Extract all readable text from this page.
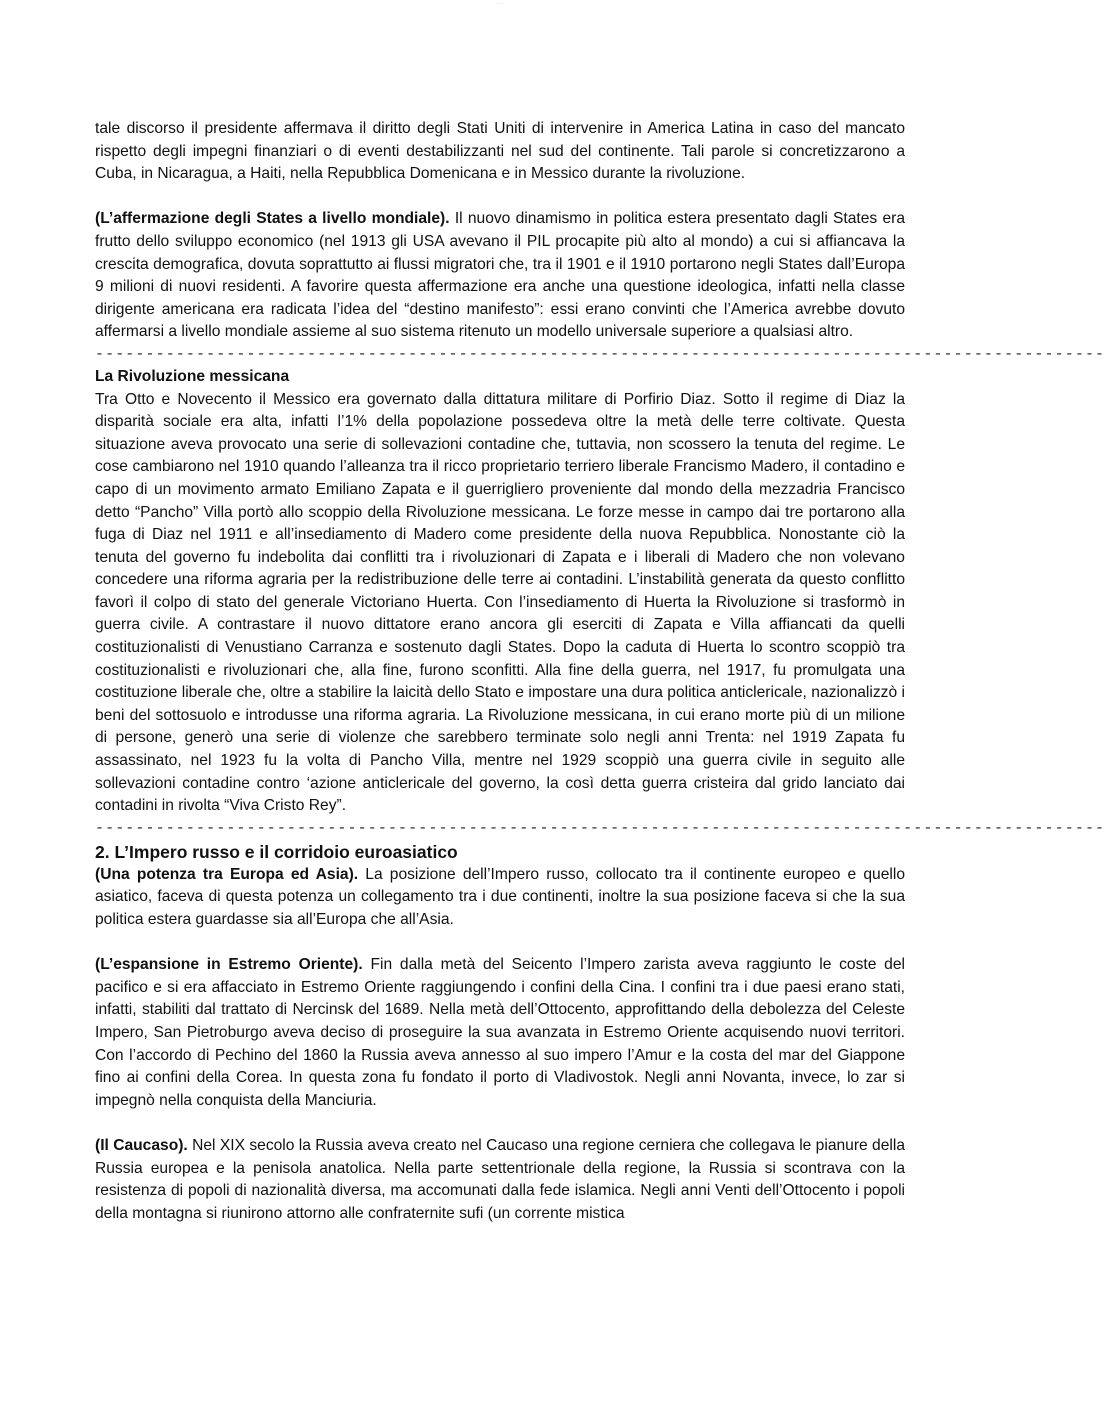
· · · ·

tale discorso il presidente affermava il diritto degli Stati Uniti di intervenire in America Latina in caso del mancato rispetto degli impegni finanziari o di eventi destabilizzanti nel sud del continente. Tali parole si concretizzarono a Cuba, in Nicaragua, a Haiti, nella Repubblica Domenicana e in Messico durante la rivoluzione.

(L’affermazione degli States a livello mondiale). Il nuovo dinamismo in politica estera presentato dagli States era frutto dello sviluppo economico (nel 1913 gli USA avevano il PIL procapite più alto al mondo) a cui si affiancava la crescita demografica, dovuta soprattutto ai flussi migratori che, tra il 1901 e il 1910 portarono negli States dall’Europa 9 milioni di nuovi residenti. A favorire questa affermazione era anche una questione ideologica, infatti nella classe dirigente americana era radicata l’idea del “destino manifesto”: essi erano convinti che l’America avrebbe dovuto affermarsi a livello mondiale assieme al suo sistema ritenuto un modello universale superiore a qualsiasi altro.

----------------------------------------------------------------------------------------------------

La Rivoluzione messicana

Tra Otto e Novecento il Messico era governato dalla dittatura militare di Porfirio Diaz. Sotto il regime di Diaz la disparità sociale era alta, infatti l’1% della popolazione possedeva oltre la metà delle terre coltivate. Questa situazione aveva provocato una serie di sollevazioni contadine che, tuttavia, non scossero la tenuta del regime. Le cose cambiarono nel 1910 quando l’alleanza tra il ricco proprietario terriero liberale Francismo Madero, il contadino e capo di un movimento armato Emiliano Zapata e il guerrigliero proveniente dal mondo della mezzadria Francisco detto “Pancho” Villa portò allo scoppio della Rivoluzione messicana. Le forze messe in campo dai tre portarono alla fuga di Diaz nel 1911 e all’insediamento di Madero come presidente della nuova Repubblica. Nonostante ciò la tenuta del governo fu indebolita dai conflitti tra i rivoluzionari di Zapata e i liberali di Madero che non volevano concedere una riforma agraria per la redistribuzione delle terre ai contadini. L’instabilità generata da questo conflitto favorì il colpo di stato del generale Victoriano Huerta. Con l’insediamento di Huerta la Rivoluzione si trasformò in guerra civile. A contrastare il nuovo dittatore erano ancora gli eserciti di Zapata e Villa affiancati da quelli costituzionalisti di Venustiano Carranza e sostenuto dagli States. Dopo la caduta di Huerta lo scontro scoppiò tra costituzionalisti e rivoluzionari che, alla fine, furono sconfitti. Alla fine della guerra, nel 1917, fu promulgata una costituzione liberale che, oltre a stabilire la laicità dello Stato e impostare una dura politica anticlericale, nazionalizzò i beni del sottosuolo e introdusse una riforma agraria. La Rivoluzione messicana, in cui erano morte più di un milione di persone, generò una serie di violenze che sarebbero terminate solo negli anni Trenta: nel 1919 Zapata fu assassinato, nel 1923 fu la volta di Pancho Villa, mentre nel 1929 scoppiò una guerra civile in seguito alle sollevazioni contadine contro ‘azione anticlericale del governo, la così detta guerra cristeira dal grido lanciato dai contadini in rivolta “Viva Cristo Rey”.

----------------------------------------------------------------------------------------------------

2. L’Impero russo e il corridoio euroasiatico

(Una potenza tra Europa ed Asia). La posizione dell’Impero russo, collocato tra il continente europeo e quello asiatico, faceva di questa potenza un collegamento tra i due continenti, inoltre la sua posizione faceva si che la sua politica estera guardasse sia all’Europa che all’Asia.

(L’espansione in Estremo Oriente). Fin dalla metà del Seicento l’Impero zarista aveva raggiunto le coste del pacifico e si era affacciato in Estremo Oriente raggiungendo i confini della Cina. I confini tra i due paesi erano stati, infatti, stabiliti dal trattato di Nercinsk del 1689. Nella metà dell’Ottocento, approfittando della debolezza del Celeste Impero, San Pietroburgo aveva deciso di proseguire la sua avanzata in Estremo Oriente acquisendo nuovi territori. Con l’accordo di Pechino del 1860 la Russia aveva annesso al suo impero l’Amur e la costa del mar del Giappone fino ai confini della Corea. In questa zona fu fondato il porto di Vladivostok. Negli anni Novanta, invece, lo zar si impegnò nella conquista della Manciuria.

(Il Caucaso). Nel XIX secolo la Russia aveva creato nel Caucaso una regione cerniera che collegava le pianure della Russia europea e la penisola anatolica. Nella parte settentrionale della regione, la Russia si scontrava con la resistenza di popoli di nazionalità diversa, ma accomunati dalla fede islamica. Negli anni Venti dell’Ottocento i popoli della montagna si riunirono attorno alle confraternite sufi (un corrente mistica
